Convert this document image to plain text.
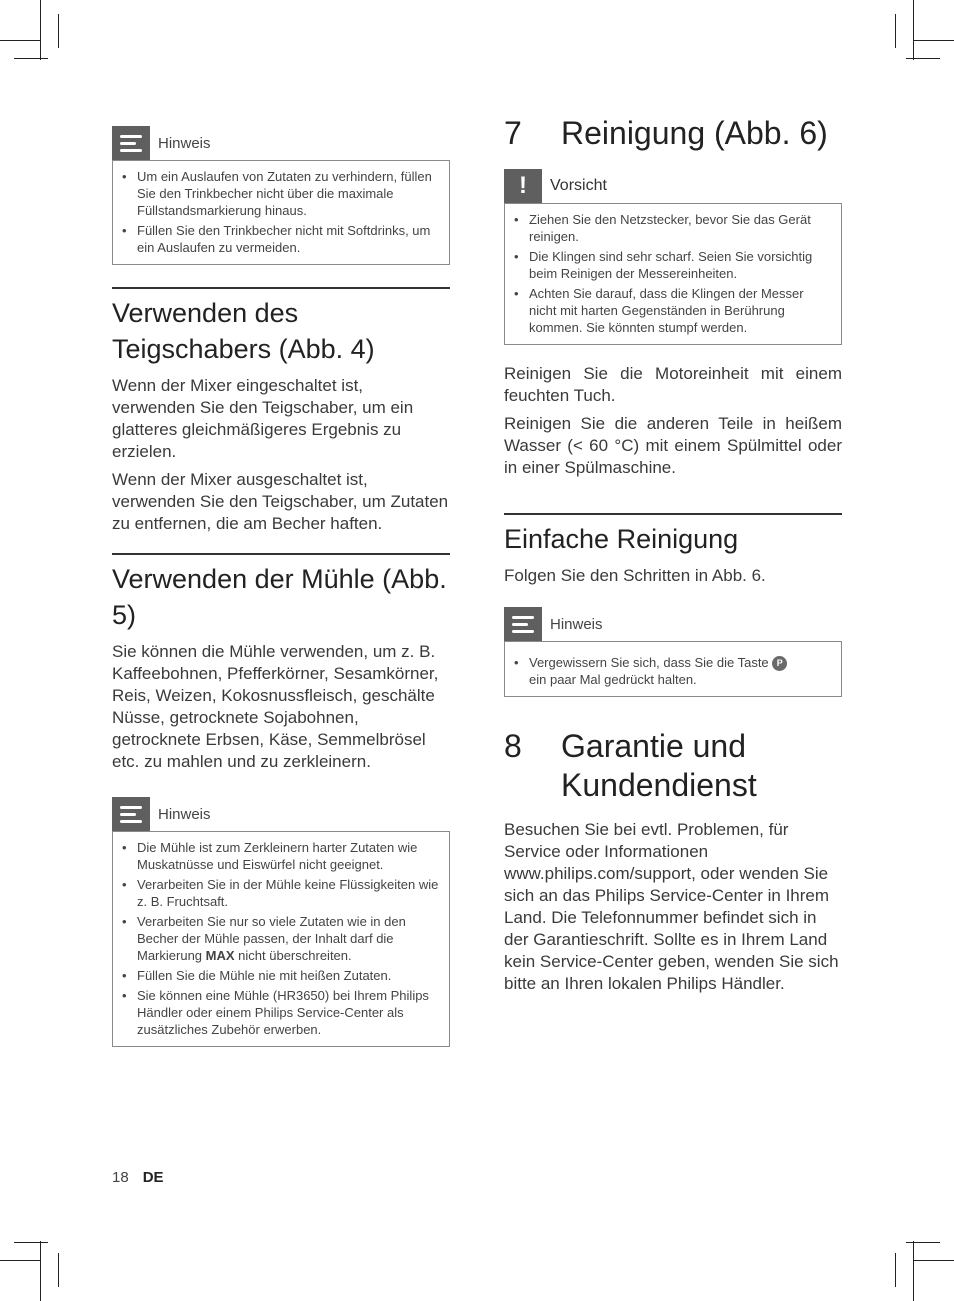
Hinweis
• Um ein Auslaufen von Zutaten zu verhindern, füllen Sie den Trinkbecher nicht über die maximale Füllstandsmarkierung hinaus.
• Füllen Sie den Trinkbecher nicht mit Softdrinks, um ein Auslaufen zu vermeiden.
Verwenden des Teigschabers (Abb. 4)

Wenn der Mixer eingeschaltet ist, verwenden Sie den Teigschaber, um ein glatteres gleichmäßigeres Ergebnis zu erzielen.

Wenn der Mixer ausgeschaltet ist, verwenden Sie den Teigschaber, um Zutaten zu entfernen, die am Becher haften.

Verwenden der Mühle (Abb. 5)

Sie können die Mühle verwenden, um z. B. Kaffeebohnen, Pfefferkörner, Sesamkörner, Reis, Weizen, Kokosnussfleisch, geschälte Nüsse, getrocknete Sojabohnen, getrocknete Erbsen, Käse, Semmelbrösel etc. zu mahlen und zu zerkleinern.

Hinweis
• Die Mühle ist zum Zerkleinern harter Zutaten wie Muskatnüsse und Eiswürfel nicht geeignet.
• Verarbeiten Sie in der Mühle keine Flüssigkeiten wie z. B. Fruchtsaft.
• Verarbeiten Sie nur so viele Zutaten wie in den Becher der Mühle passen, der Inhalt darf die Markierung MAX nicht überschreiten.
• Füllen Sie die Mühle nie mit heißen Zutaten.
• Sie können eine Mühle (HR3650) bei Ihrem Philips Händler oder einem Philips Service-Center als zusätzliches Zubehör erwerben.
7	Reinigung (Abb. 6)
!	Vorsicht
• Ziehen Sie den Netzstecker, bevor Sie das Gerät reinigen.
• Die Klingen sind sehr scharf. Seien Sie vorsichtig beim Reinigen der Messereinheiten.
• Achten Sie darauf, dass die Klingen der Messer nicht mit harten Gegenständen in Berührung kommen. Sie könnten stumpf werden.

Reinigen Sie die Motoreinheit mit einem feuchten Tuch.

Reinigen Sie die anderen Teile in heißem Wasser (< 60 °C) mit einem Spülmittel oder in einer Spülmaschine.

Einfache Reinigung

Folgen Sie den Schritten in Abb. 6.

Hinweis
• Vergewissern Sie sich, dass Sie die Taste P
ein paar Mal gedrückt halten.
8	Garantie und Kundendienst

Besuchen Sie bei evtl. Problemen, für Service oder Informationen www.philips.com/support, oder wenden Sie sich an das Philips Service-Center in Ihrem Land. Die Telefonnummer befindet sich in der Garantieschrift. Sollte es in Ihrem Land kein Service-Center geben, wenden Sie sich bitte an Ihren lokalen Philips Händler.

18 DE
